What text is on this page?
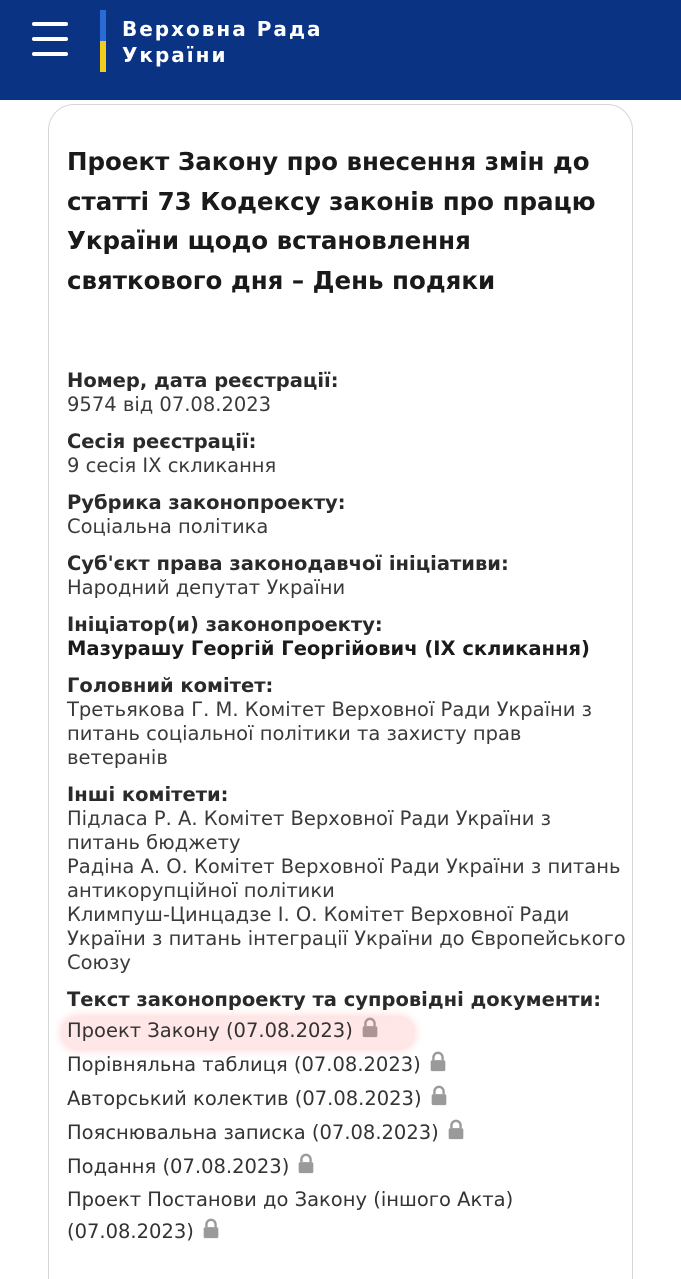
Верховна Рада
України
Проект Закону про внесення змін до статті 73 Кодексу законів про працю України щодо встановлення святкового дня – День подяки
Номер, дата реєстрації:
9574 від 07.08.2023
Сесія реєстрації:
9 сесія IX скликання
Рубрика законопроекту:
Соціальна політика
Суб'єкт права законодавчої ініціативи:
Народний депутат України
Ініціатор(и) законопроекту:
Мазурашу Георгій Георгійович (IX скликання)
Головний комітет:
Третьякова Г. М. Комітет Верховної Ради України з питань соціальної політики та захисту прав ветеранів
Інші комітети:
Підласа Р. А. Комітет Верховної Ради України з питань бюджету
Радіна А. О. Комітет Верховної Ради України з питань антикорупційної політики
Климпуш-Цинцадзе І. О. Комітет Верховної Ради України з питань інтеграції України до Європейського Союзу
Текст законопроекту та супровідні документи:
Проект Закону (07.08.2023)
Порівняльна таблиця (07.08.2023)
Авторський колектив (07.08.2023)
Пояснювальна записка (07.08.2023)
Подання (07.08.2023)
Проект Постанови до Закону (іншого Акта) (07.08.2023)
